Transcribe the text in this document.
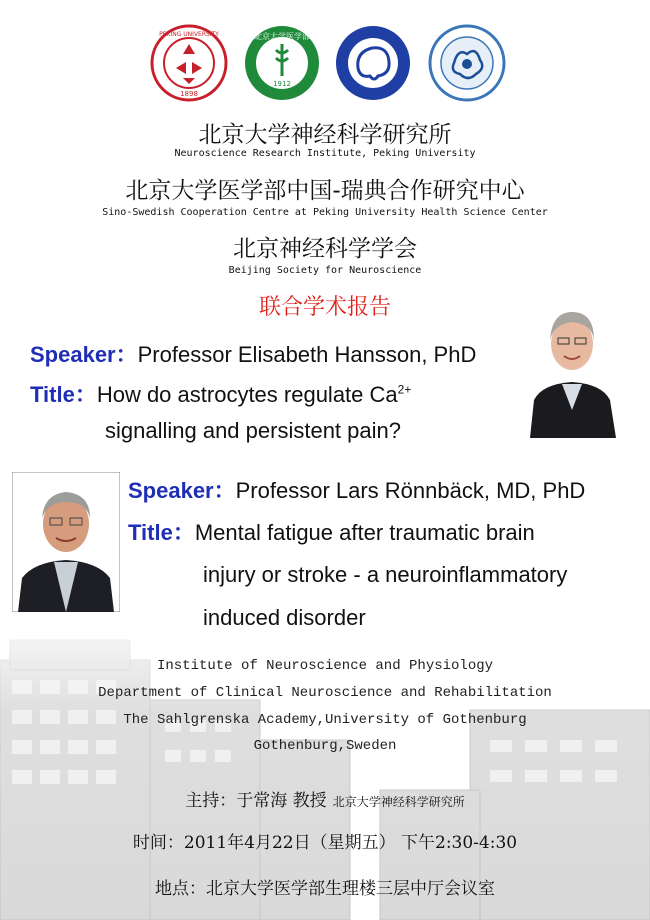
PEKING UNIVERSITY
1898
北京大学医学部
1912
北京大学神经科学研究所
Neuroscience Research Institute, Peking University
北京大学医学部中国-瑞典合作研究中心
Sino-Swedish Cooperation Centre at Peking University Health Science Center
北京神经科学学会
Beijing Society for Neuroscience
联合学术报告
Speaker：Professor Elisabeth Hansson, PhD
Title：How do astrocytes regulate $Ca^{2+}$
signalling and persistent pain?
Speaker：Professor Lars Rönnbäck, MD, PhD
Title：Mental fatigue after traumatic brain
injury or stroke - a neuroinflammatory
induced disorder
Institute of Neuroscience and Physiology
Department of Clinical Neuroscience and Rehabilitation
The Sahlgrenska Academy,University of Gothenburg
Gothenburg,Sweden
主持：于常海 教授 北京大学神经科学研究所
时间：2011年4月22日（星期五） 下午2:30-4:30
地点：北京大学医学部生理楼三层中厅会议室
